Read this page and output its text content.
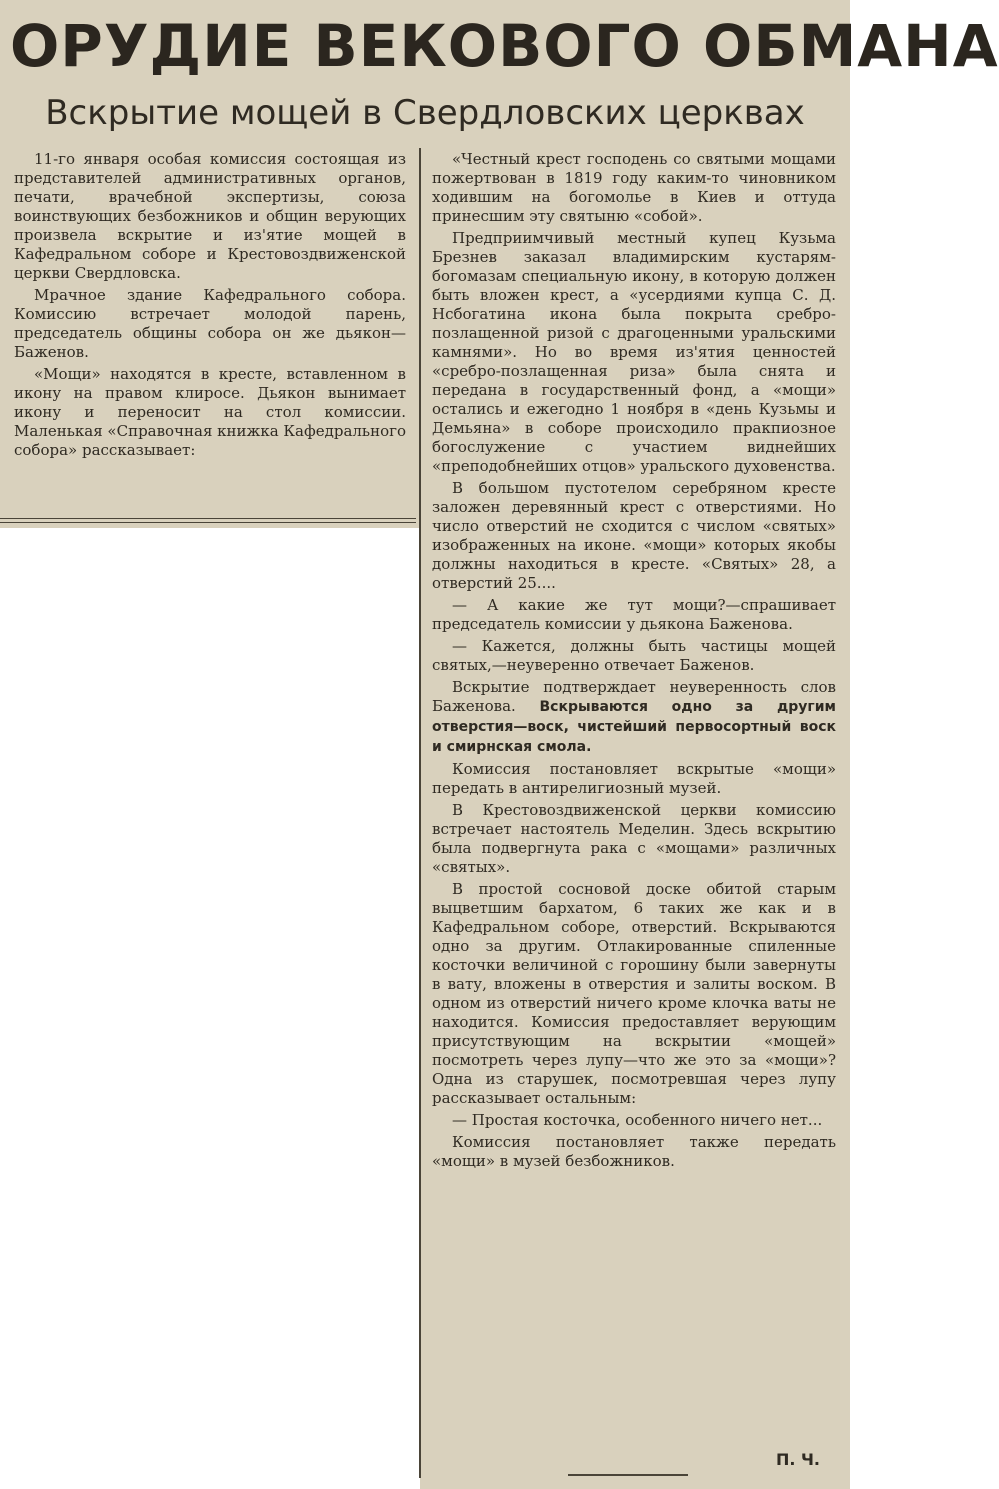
ОРУДИЕ ВЕКОВОГО ОБМАНА
Вскрытие мощей в Свердловских церквах

11-го января особая комиссия состоящая из представителей административных органов, печати, врачебной экспертизы, союза воинствующих безбожников и общин верующих произвела вскрытие и из'ятие мощей в Кафедральном соборе и Крестовоздвиженской церкви Свердловска.

Мрачное здание Кафедрального собора. Комиссию встречает молодой парень, председатель общины собора он же дьякон—Баженов.

«Мощи» находятся в кресте, вставленном в икону на правом клиросе. Дьякон вынимает икону и переносит на стол комиссии. Маленькая «Справочная книжка Кафедрального собора» рассказывает:

«Честный крест господень со святыми мощами пожертвован в 1819 году каким-то чиновником ходившим на богомолье в Киев и оттуда принесшим эту святыню «собой».

Предприимчивый местный купец Кузьма Брезнев заказал владимирским кустарям-богомазам специальную икону, в которую должен быть вложен крест, а «усердиями купца С. Д. Нсбогатина икона была покрыта сребро-позлащенной ризой с драгоценными уральскими камнями». Но во время из'ятия ценностей «сребро-позлащенная риза» была снята и передана в государственный фонд, а «мощи» остались и ежегодно 1 ноября в «день Кузьмы и Демьяна» в соборе происходило пракпиозное богослужение с участием виднейших «преподобнейших отцов» уральского духовенства.

В большом пустотелом серебряном кресте заложен деревянный крест с отверстиями. Но число отверстий не сходится с числом «святых» изображенных на иконе. «мощи» которых якобы должны находиться в кресте. «Святых» 28, а отверстий 25....

— А какие же тут мощи?—спрашивает председатель комиссии у дьякона Баженова.

— Кажется, должны быть частицы мощей святых,—неуверенно отвечает Баженов.

Вскрытие подтверждает неуверенность слов Баженова. Вскрываются одно за другим отверстия—воск, чистейший первосортный воск и смирнская смола.

Комиссия постановляет вскрытые «мощи» передать в антирелигиозный музей.

В Крестовоздвиженской церкви комиссию встречает настоятель Меделин. Здесь вскрытию была подвергнута рака с «мощами» различных «святых».

В простой сосновой доске обитой старым выцветшим бархатом, 6 таких же как и в Кафедральном соборе, отверстий. Вскрываются одно за другим. Отлакированные спиленные косточки величиной с горошину были завернуты в вату, вложены в отверстия и залиты воском. В одном из отверстий ничего кроме клочка ваты не находится. Комиссия предоставляет верующим присутствующим на вскрытии «мощей» посмотреть через лупу—что же это за «мощи»? Одна из старушек, посмотревшая через лупу рассказывает остальным:

— Простая косточка, особенного ничего нет...

Комиссия постановляет также передать «мощи» в музей безбожников.

П. Ч.
